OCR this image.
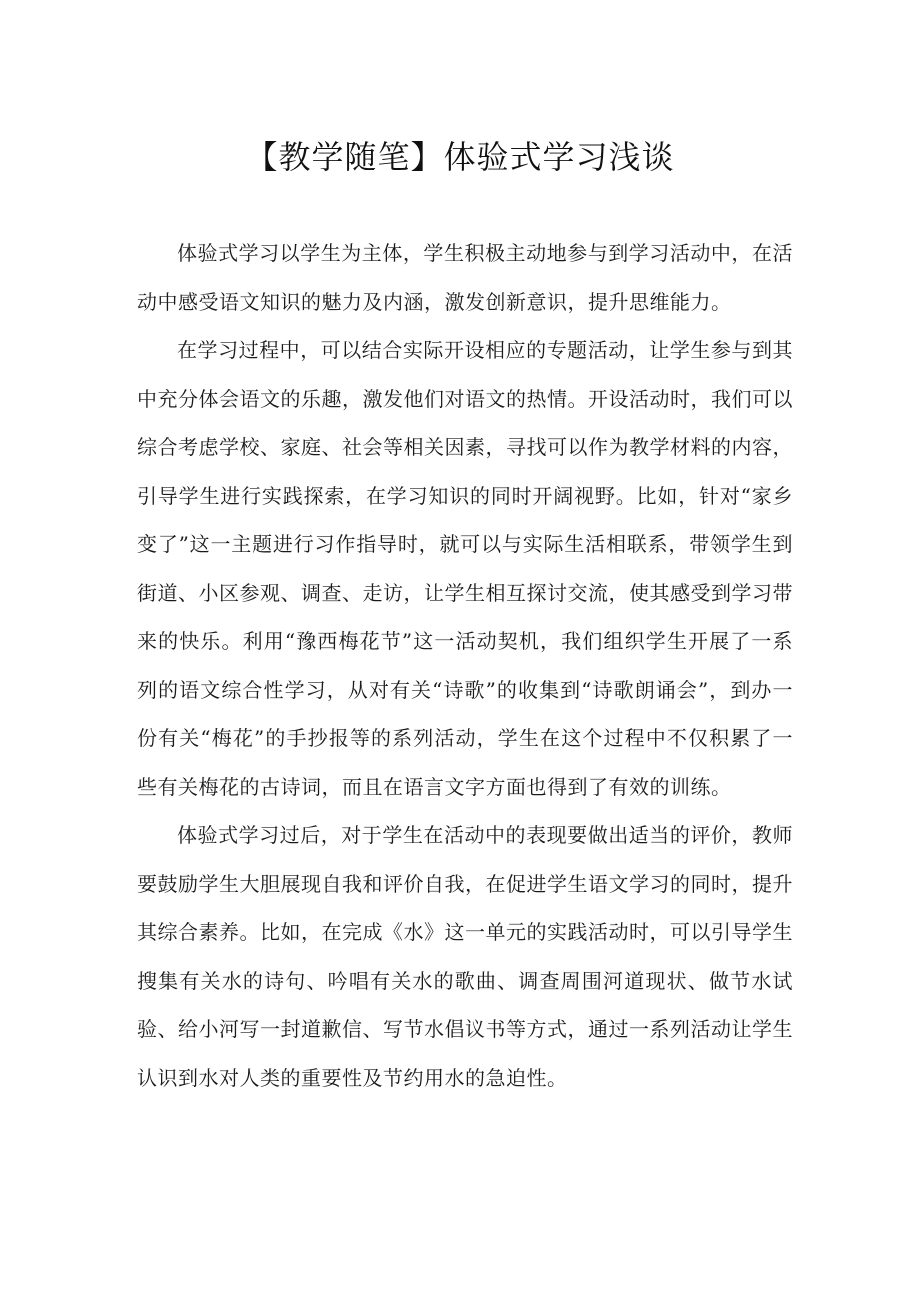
【教学随笔】体验式学习浅谈

体验式学习以学生为主体，学生积极主动地参与到学习活动中，在活动中感受语文知识的魅力及内涵，激发创新意识，提升思维能力。

在学习过程中，可以结合实际开设相应的专题活动，让学生参与到其中充分体会语文的乐趣，激发他们对语文的热情。开设活动时，我们可以综合考虑学校、家庭、社会等相关因素，寻找可以作为教学材料的内容，引导学生进行实践探索，在学习知识的同时开阔视野。比如，针对“家乡变了”这一主题进行习作指导时，就可以与实际生活相联系，带领学生到街道、小区参观、调查、走访，让学生相互探讨交流，使其感受到学习带来的快乐。利用“豫西梅花节”这一活动契机，我们组织学生开展了一系列的语文综合性学习，从对有关“诗歌”的收集到“诗歌朗诵会”，到办一份有关“梅花”的手抄报等的系列活动，学生在这个过程中不仅积累了一些有关梅花的古诗词，而且在语言文字方面也得到了有效的训练。

体验式学习过后，对于学生在活动中的表现要做出适当的评价，教师要鼓励学生大胆展现自我和评价自我，在促进学生语文学习的同时，提升其综合素养。比如，在完成《水》这一单元的实践活动时，可以引导学生搜集有关水的诗句、吟唱有关水的歌曲、调查周围河道现状、做节水试验、给小河写一封道歉信、写节水倡议书等方式，通过一系列活动让学生认识到水对人类的重要性及节约用水的急迫性。
